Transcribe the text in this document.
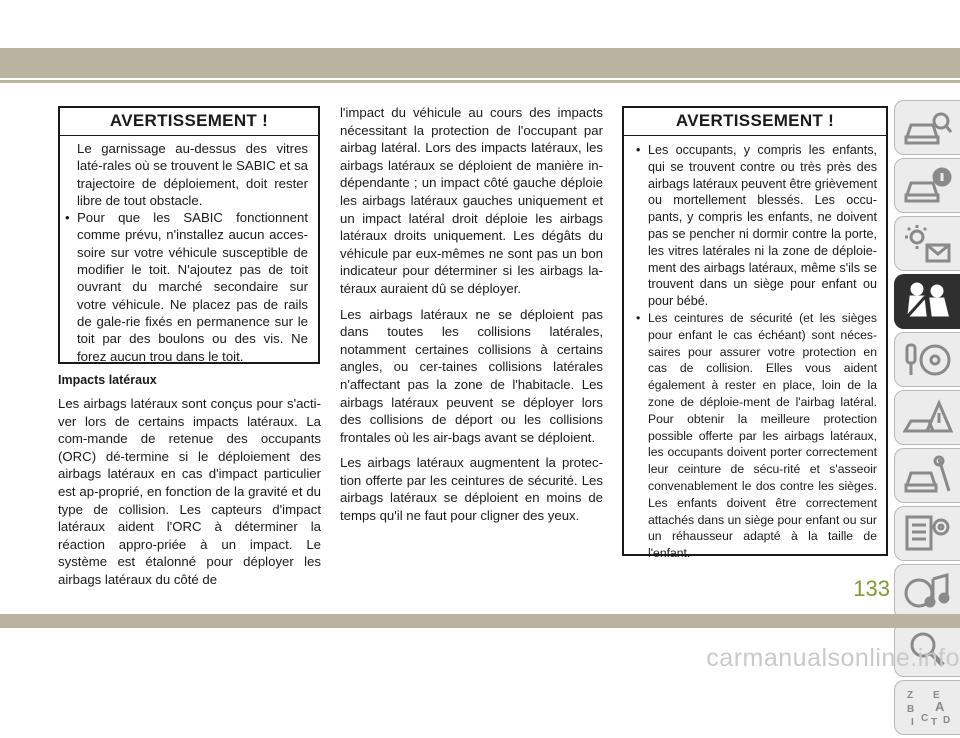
AVERTISSEMENT !
Le garnissage au-dessus des vitres laté-rales où se trouvent le SABIC et sa trajectoire de déploiement, doit rester libre de tout obstacle.
• Pour que les SABIC fonctionnent comme prévu, n'installez aucun acces-soire sur votre véhicule susceptible de modifier le toit. N'ajoutez pas de toit ouvrant du marché secondaire sur votre véhicule. Ne placez pas de rails de gale-rie fixés en permanence sur le toit par des boulons ou des vis. Ne forez aucun trou dans le toit.
Impacts latéraux

Les airbags latéraux sont conçus pour s'acti-ver lors de certains impacts latéraux. La com-mande de retenue des occupants (ORC) dé-termine si le déploiement des airbags latéraux en cas d'impact particulier est ap-proprié, en fonction de la gravité et du type de collision. Les capteurs d'impact latéraux aident l'ORC à déterminer la réaction appro-priée à un impact. Le système est étalonné pour déployer les airbags latéraux du côté de

l'impact du véhicule au cours des impacts nécessitant la protection de l'occupant par airbag latéral. Lors des impacts latéraux, les airbags latéraux se déploient de manière in-dépendante ; un impact côté gauche déploie les airbags latéraux gauches uniquement et un impact latéral droit déploie les airbags latéraux droits uniquement. Les dégâts du véhicule par eux-mêmes ne sont pas un bon indicateur pour déterminer si les airbags la-téraux auraient dû se déployer.

Les airbags latéraux ne se déploient pas dans toutes les collisions latérales, notamment certaines collisions à certains angles, ou cer-taines collisions latérales n'affectant pas la zone de l'habitacle. Les airbags latéraux peuvent se déployer lors des collisions de déport ou les collisions frontales où les air-bags avant se déploient.

Les airbags latéraux augmentent la protec-tion offerte par les ceintures de sécurité. Les airbags latéraux se déploient en moins de temps qu'il ne faut pour cligner des yeux.

AVERTISSEMENT !
• Les occupants, y compris les enfants, qui se trouvent contre ou très près des airbags latéraux peuvent être grièvement ou mortellement blessés. Les occu-pants, y compris les enfants, ne doivent pas se pencher ni dormir contre la porte, les vitres latérales ni la zone de déploie-ment des airbags latéraux, même s'ils se trouvent dans un siège pour enfant ou pour bébé.
• Les ceintures de sécurité (et les sièges pour enfant le cas échéant) sont néces-saires pour assurer votre protection en cas de collision. Elles vous aident également à rester en place, loin de la zone de déploie-ment de l'airbag latéral. Pour obtenir la meilleure protection possible offerte par les airbags latéraux, les occupants doivent porter correctement leur ceinture de sécu-rité et s'asseoir convenablement le dos contre les sièges. Les enfants doivent être correctement attachés dans un siège pour enfant ou sur un réhausseur adapté à la taille de l'enfant.
Z E
B A
I C T D
133
carmanualsonline.info
